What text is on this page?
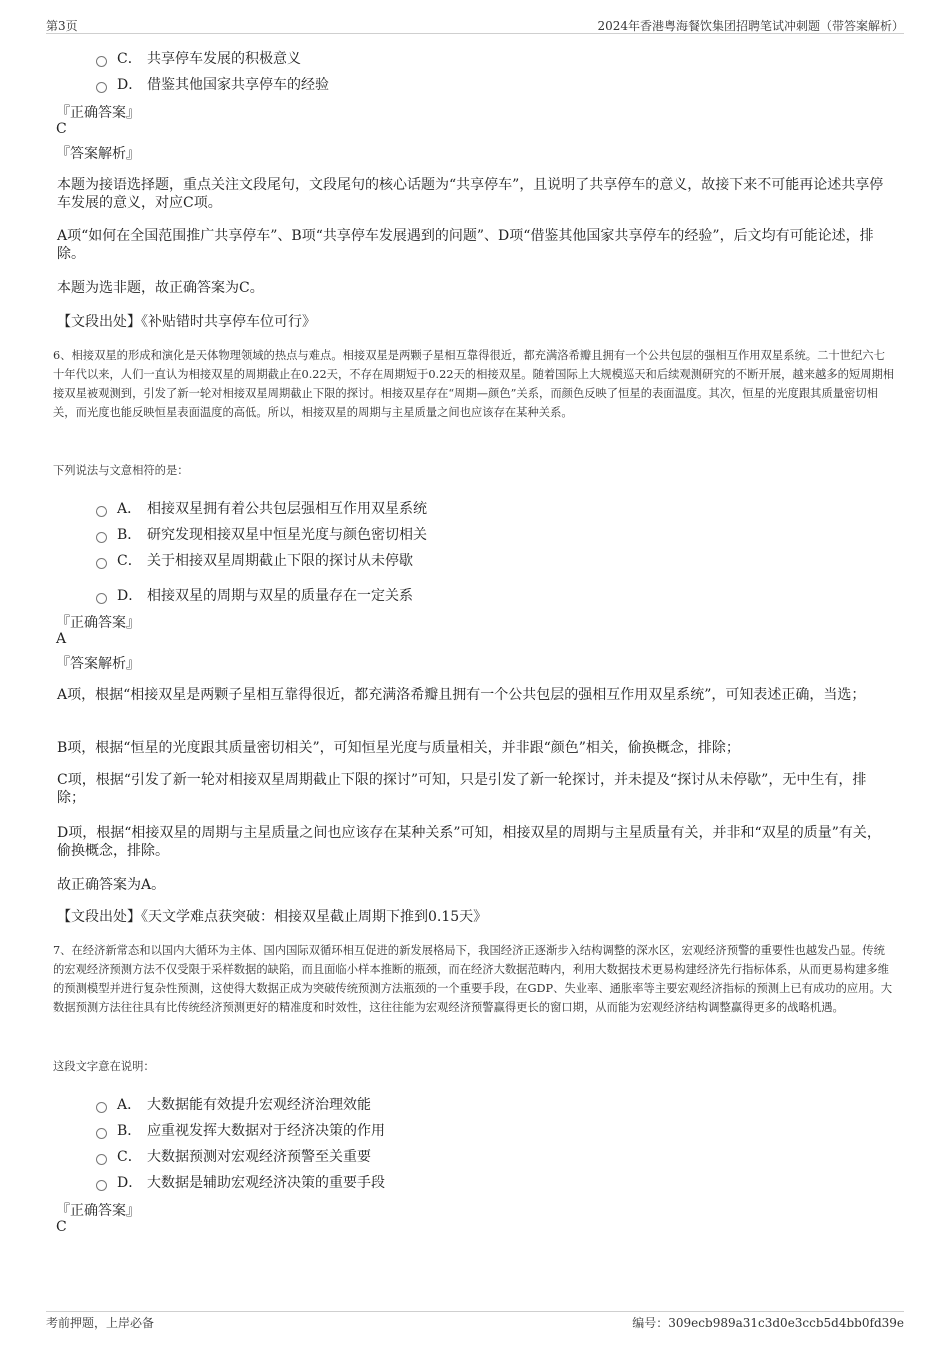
第3页	2024年香港粤海餐饮集团招聘笔试冲刺题（带答案解析）
C． 共享停车发展的积极意义
D． 借鉴其他国家共享停车的经验
『正确答案』
C
『答案解析』
本题为接语选择题，重点关注文段尾句，文段尾句的核心话题为“共享停车”，且说明了共享停车的意义，故接下来不可能再论述共享停车发展的意义，对应C项。
A项“如何在全国范围推广共享停车”、B项“共享停车发展遇到的问题”、D项“借鉴其他国家共享停车的经验”，后文均有可能论述，排除。
本题为选非题，故正确答案为C。
【文段出处】《补贴错时共享停车位可行》
6、相接双星的形成和演化是天体物理领域的热点与难点。相接双星是两颗子星相互靠得很近，都充满洛希瓣且拥有一个公共包层的强相互作用双星系统。二十世纪六七十年代以来，人们一直认为相接双星的周期截止在0.22天，不存在周期短于0.22天的相接双星。随着国际上大规模巡天和后续观测研究的不断开展，越来越多的短周期相接双星被观测到，引发了新一轮对相接双星周期截止下限的探讨。相接双星存在“周期—颜色”关系，而颜色反映了恒星的表面温度。其次，恒星的光度跟其质量密切相关，而光度也能反映恒星表面温度的高低。所以，相接双星的周期与主星质量之间也应该存在某种关系。
下列说法与文意相符的是：
A． 相接双星拥有着公共包层强相互作用双星系统
B． 研究发现相接双星中恒星光度与颜色密切相关
C． 关于相接双星周期截止下限的探讨从未停歇
D． 相接双星的周期与双星的质量存在一定关系
『正确答案』
A
『答案解析』
A项，根据“相接双星是两颗子星相互靠得很近，都充满洛希瓣且拥有一个公共包层的强相互作用双星系统”，可知表述正确，当选；
B项，根据“恒星的光度跟其质量密切相关”，可知恒星光度与质量相关，并非跟“颜色”相关，偷换概念，排除；
C项，根据“引发了新一轮对相接双星周期截止下限的探讨”可知，只是引发了新一轮探讨，并未提及“探讨从未停歇”，无中生有，排除；
D项，根据“相接双星的周期与主星质量之间也应该存在某种关系”可知，相接双星的周期与主星质量有关，并非和“双星的质量”有关，偷换概念，排除。
故正确答案为A。
【文段出处】《天文学难点获突破：相接双星截止周期下推到0.15天》
7、在经济新常态和以国内大循环为主体、国内国际双循环相互促进的新发展格局下，我国经济正逐渐步入结构调整的深水区，宏观经济预警的重要性也越发凸显。传统的宏观经济预测方法不仅受限于采样数据的缺陷，而且面临小样本推断的瓶颈，而在经济大数据范畴内，利用大数据技术更易构建经济先行指标体系，从而更易构建多维的预测模型并进行复杂性预测，这使得大数据正成为突破传统预测方法瓶颈的一个重要手段，在GDP、失业率、通胀率等主要宏观经济指标的预测上已有成功的应用。大数据预测方法往往具有比传统经济预测更好的精准度和时效性，这往往能为宏观经济预警赢得更长的窗口期，从而能为宏观经济结构调整赢得更多的战略机遇。
这段文字意在说明：
A． 大数据能有效提升宏观经济治理效能
B． 应重视发挥大数据对于经济决策的作用
C． 大数据预测对宏观经济预警至关重要
D． 大数据是辅助宏观经济决策的重要手段
『正确答案』
C
考前押题，上岸必备	编号：309ecb989a31c3d0e3ccb5d4bb0fd39e
